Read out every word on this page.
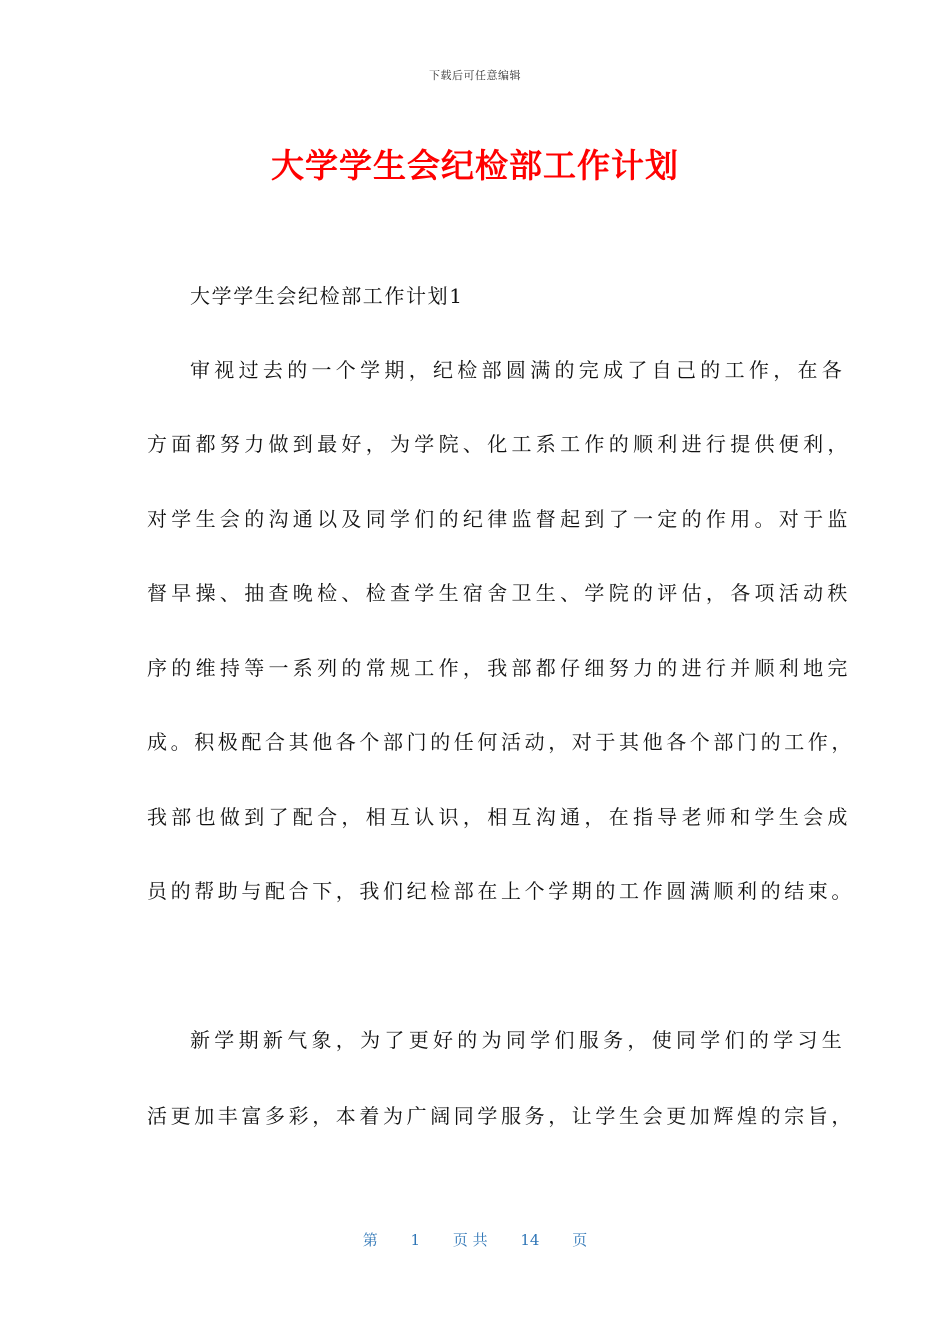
下载后可任意编辑
大学学生会纪检部工作计划
大学学生会纪检部工作计划1
审视过去的一个学期，纪检部圆满的完成了自己的工作，在各
方面都努力做到最好，为学院、化工系工作的顺利进行提供便利，
对学生会的沟通以及同学们的纪律监督起到了一定的作用。对于监
督早操、抽查晚检、检查学生宿舍卫生、学院的评估，各项活动秩
序的维持等一系列的常规工作，我部都仔细努力的进行并顺利地完
成。积极配合其他各个部门的任何活动，对于其他各个部门的工作，
我部也做到了配合，相互认识，相互沟通，在指导老师和学生会成
员的帮助与配合下，我们纪检部在上个学期的工作圆满顺利的结束。
新学期新气象，为了更好的为同学们服务，使同学们的学习生
活更加丰富多彩，本着为广阔同学服务，让学生会更加辉煌的宗旨，
第 1 页 共 14 页
